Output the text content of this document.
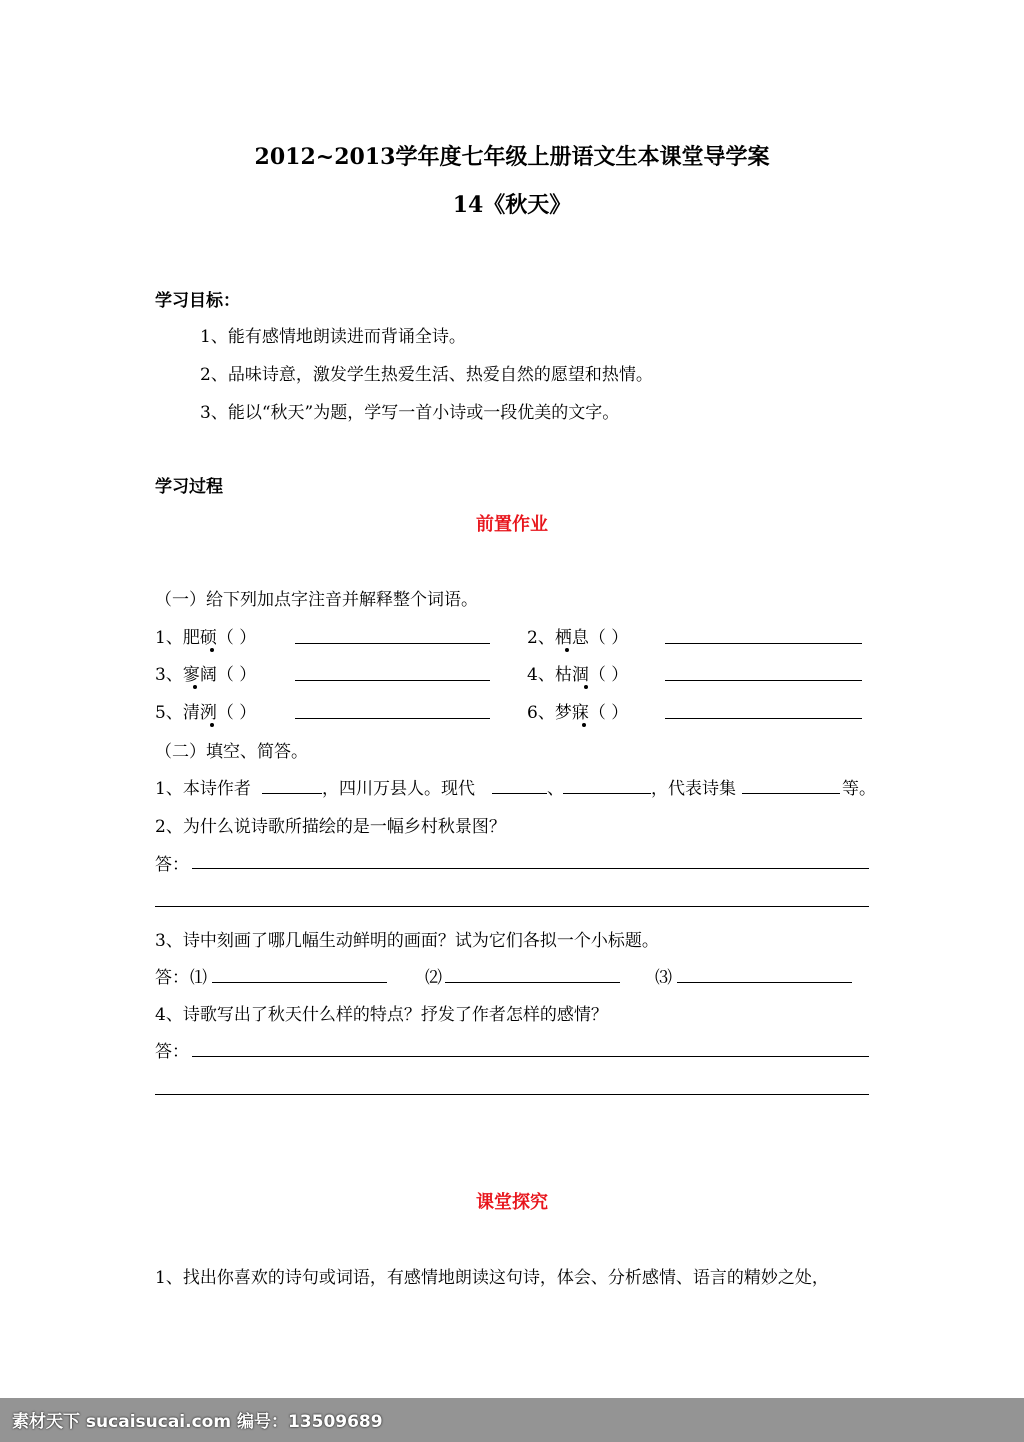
2012~2013学年度七年级上册语文生本课堂导学案
14《秋天》
学习目标：
1、能有感情地朗读进而背诵全诗。
2、品味诗意，激发学生热爱生活、热爱自然的愿望和热情。
3、能以“秋天”为题，学写一首小诗或一段优美的文字。
学习过程
前置作业
（一）给下列加点字注音并解释整个词语。
1、肥硕（ ）	2、栖息（ ）
3、寥阔（ ）	4、枯涸（ ）
5、清洌（ ）	6、梦寐（ ）
（二）填空、简答。
1、本诗作者	，四川万县人。现代	、	，代表诗集	等。
2、为什么说诗歌所描绘的是一幅乡村秋景图？
答：
3、诗中刻画了哪几幅生动鲜明的画面？试为它们各拟一个小标题。
答： ⑴	⑵	⑶
4、诗歌写出了秋天什么样的特点？抒发了作者怎样的感情？
答：
课堂探究
1、找出你喜欢的诗句或词语，有感情地朗读这句诗，体会、分析感情、语言的精妙之处，
素材天下 sucaisucai.com 编号：13509689
